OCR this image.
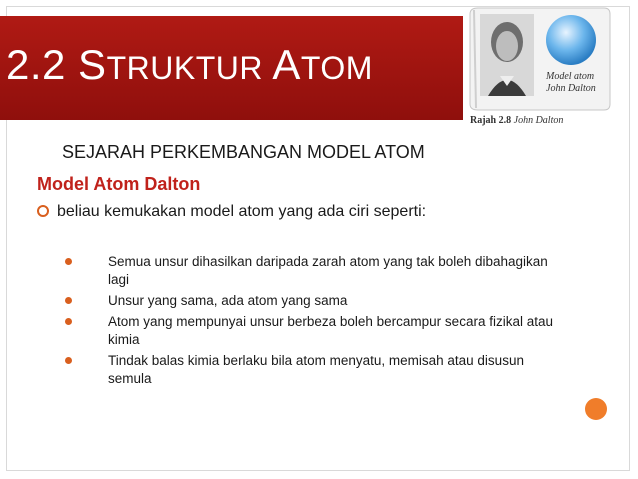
2.2 STRUKTUR ATOM	Model atom
John Dalton
Rajah 2.8 John Dalton
SEJARAH PERKEMBANGAN MODEL ATOM
Model Atom Dalton
beliau kemukakan model atom yang ada ciri seperti:
Semua unsur dihasilkan daripada zarah atom yang tak boleh dibahagikan lagi
Unsur yang sama, ada atom yang sama
Atom yang mempunyai unsur berbeza boleh bercampur secara fizikal atau kimia
Tindak balas kimia berlaku bila atom menyatu, memisah atau disusun semula
